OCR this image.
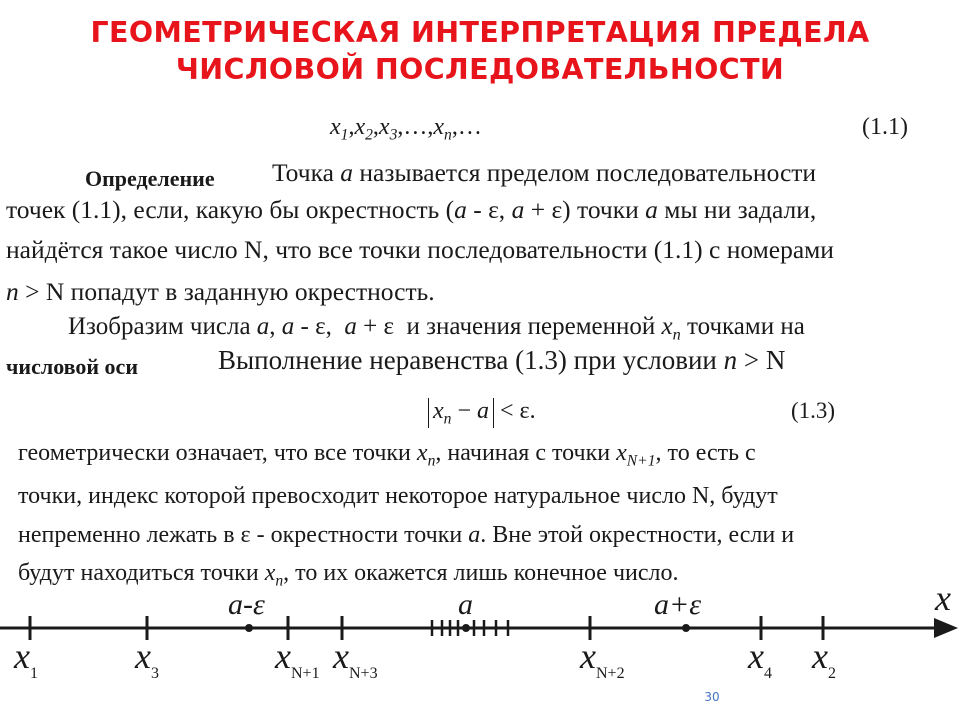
ГЕОМЕТРИЧЕСКАЯ ИНТЕРПРЕТАЦИЯ ПРЕДЕЛА
ЧИСЛОВОЙ ПОСЛЕДОВАТЕЛЬНОСТИ
$x_1,x_2,x_3,\dots,x_n,\dots$	(1.1)
Определение Точка a называется пределом последовательности
точек (1.1), если, какую бы окрестность (a - ε, a + ε) точки a мы ни задали,
найдётся такое число N, что все точки последовательности (1.1) с номерами
n > N попадут в заданную окрестность.
Изобразим числа a, a - ε,  a + ε  и значения переменной $x_n$ точками на
числовой оси	Выполнение неравенства (1.3) при условии n > N
$x_n - a < \varepsilon$.	(1.3)
геометрически означает, что все точки $x_n$, начиная с точки $x_{N+1}$, то есть с
точки, индекс которой превосходит некоторое натуральное число N, будут
непременно лежать в ε - окрестности точки a. Вне этой окрестности, если и
будут находиться точки $x_n$, то их окажется лишь конечное число.
x
a-ε	a	a+ε
$x_1$	$x_3$	$x_{N+1}$ $x_{N+3}$	$x_{N+2}$	$x_4$ $x_2$
30
